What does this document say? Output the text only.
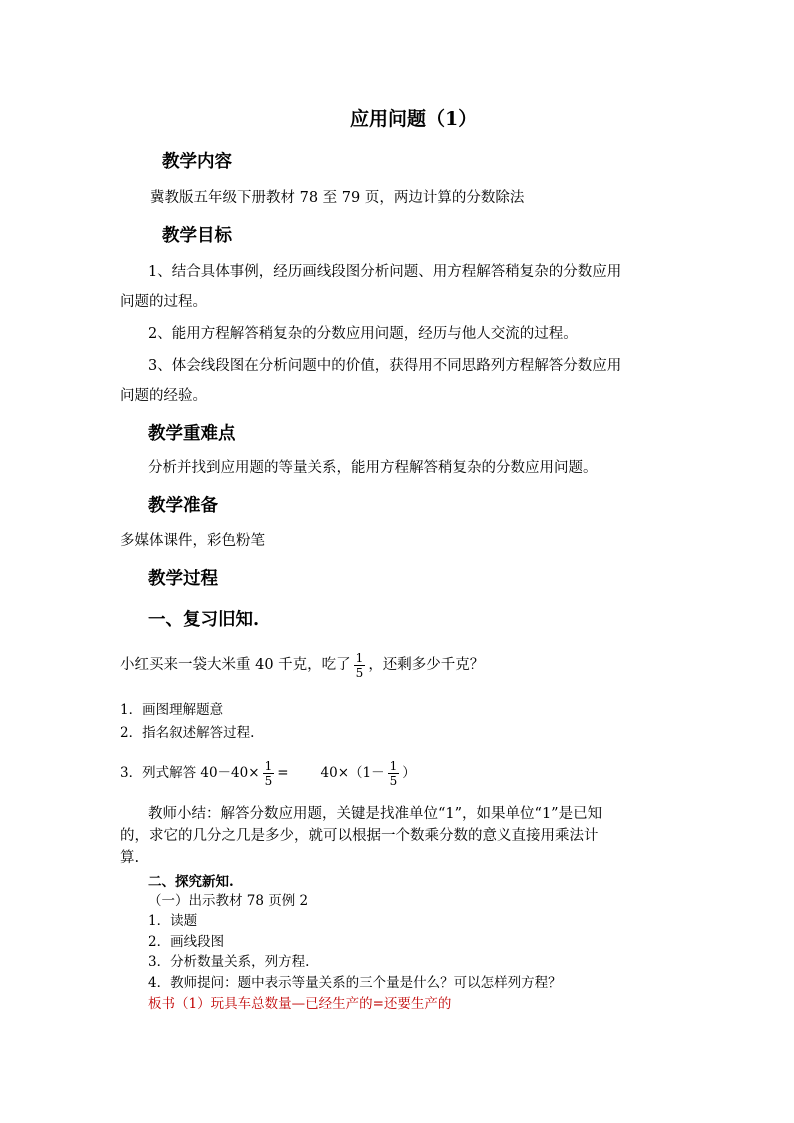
应用问题（1）
教学内容
冀教版五年级下册教材 78 至 79 页，两边计算的分数除法
教学目标
1、结合具体事例，经历画线段图分析问题、用方程解答稍复杂的分数应用
问题的过程。
2、能用方程解答稍复杂的分数应用问题，经历与他人交流的过程。
3、体会线段图在分析问题中的价值，获得用不同思路列方程解答分数应用
问题的经验。
教学重难点
分析并找到应用题的等量关系，能用方程解答稍复杂的分数应用问题。
教学准备
多媒体课件，彩色粉笔
教学过程
一、复习旧知.
小红买来一袋大米重 40 千克，吃了 $\frac{1}{5}$ ，还剩多少千克？
1．画图理解题意
2．指名叙述解答过程.
3．列式解答 $40-40\times \frac{1}{5} = 40\times(1- \frac{1}{5}$ ）
教师小结：解答分数应用题，关键是找准单位“1”，如果单位“1”是已知
的，求它的几分之几是多少，就可以根据一个数乘分数的意义直接用乘法计
算.
二、探究新知.
（一）出示教材 78 页例 2
1．读题
2．画线段图
3．分析数量关系，列方程.
4．教师提问：题中表示等量关系的三个量是什么？可以怎样列方程？
板书（1）玩具车总数量—已经生产的=还要生产的
